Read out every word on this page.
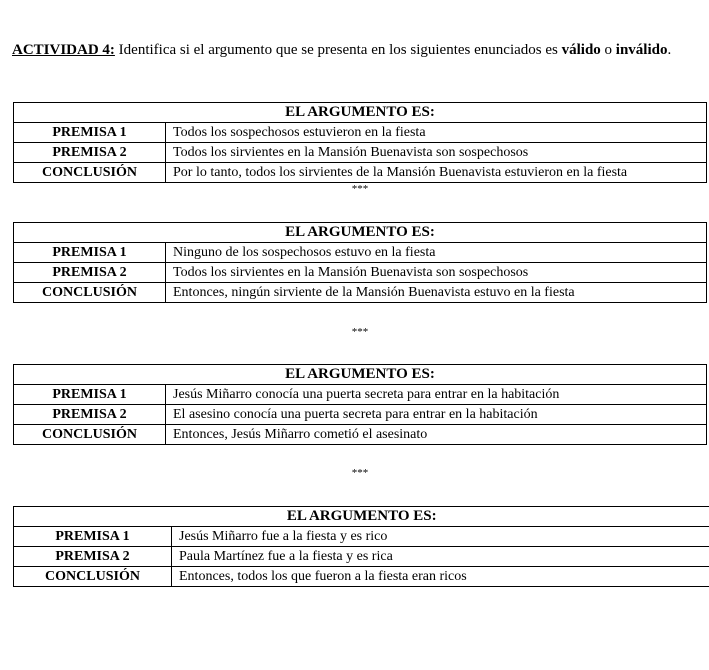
ACTIVIDAD 4: Identifica si el argumento que se presenta en los siguientes enunciados es válido o inválido.
EL ARGUMENTO ES:	
PREMISA 1	Todos los sospechosos estuvieron en la fiesta
PREMISA 2	Todos los sirvientes en la Mansión Buenavista son sospechosos
CONCLUSIÓN	Por lo tanto, todos los sirvientes de la Mansión Buenavista estuvieron en la fiesta
***
EL ARGUMENTO ES:	
PREMISA 1	Ninguno de los sospechosos estuvo en la fiesta
PREMISA 2	Todos los sirvientes en la Mansión Buenavista son sospechosos
CONCLUSIÓN	Entonces, ningún sirviente de la Mansión Buenavista estuvo en la fiesta
***
EL ARGUMENTO ES:	
PREMISA 1	Jesús Miñarro conocía una puerta secreta para entrar en la habitación
PREMISA 2	El asesino conocía una puerta secreta para entrar en la habitación
CONCLUSIÓN	Entonces, Jesús Miñarro cometió el asesinato
***
EL ARGUMENTO ES:	
PREMISA 1	Jesús Miñarro fue a la fiesta y es rico
PREMISA 2	Paula Martínez fue a la fiesta y es rica
CONCLUSIÓN	Entonces, todos los que fueron a la fiesta eran ricos
